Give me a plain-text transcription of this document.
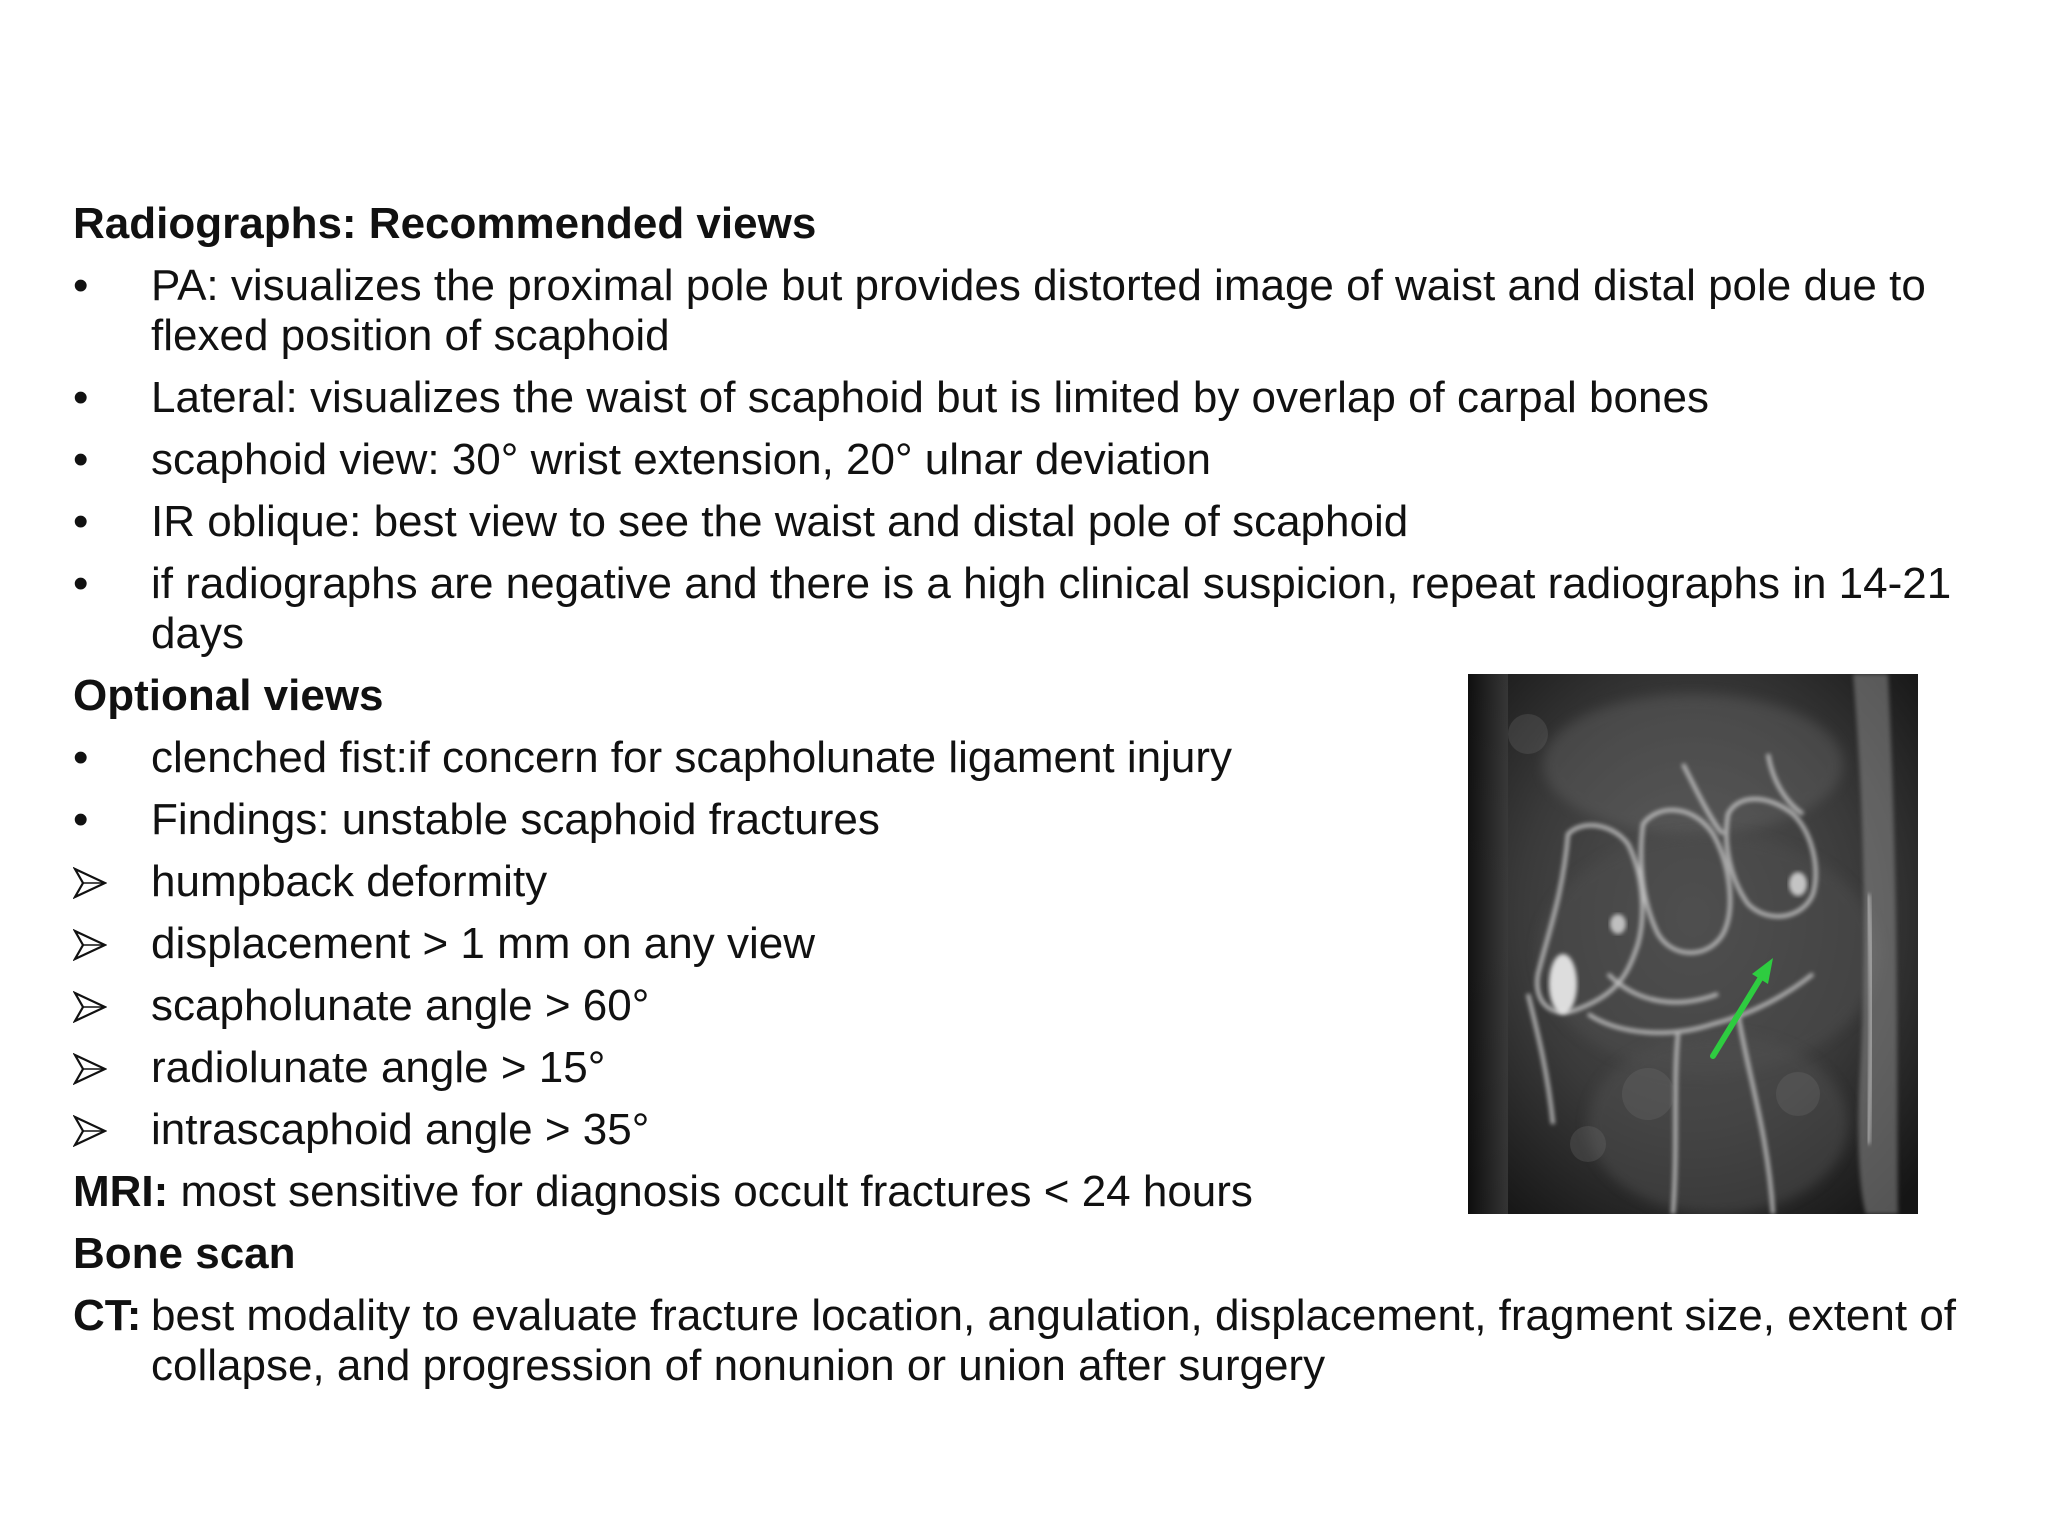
Radiographs: Recommended views
•	PA: visualizes the proximal pole but provides distorted image of waist and distal pole due to flexed position of scaphoid
•	Lateral: visualizes the waist of scaphoid but is limited by overlap of carpal bones
•	scaphoid view: 30° wrist extension, 20° ulnar deviation
•	IR oblique: best view to see the waist and distal pole of scaphoid
•	if radiographs are negative and there is a high clinical suspicion, repeat radiographs in 14-21 days
Optional views
•	clenched fist:if concern for scapholunate ligament injury
•	Findings: unstable scaphoid fractures
humpback deformity
displacement > 1 mm on any view
scapholunate angle > 60°
radiolunate angle > 15°
intrascaphoid angle > 35°
MRI: most sensitive for diagnosis occult fractures < 24 hours
Bone scan
CT: best modality to evaluate fracture location, angulation, displacement, fragment size, extent of collapse, and progression of nonunion or union after surgery
